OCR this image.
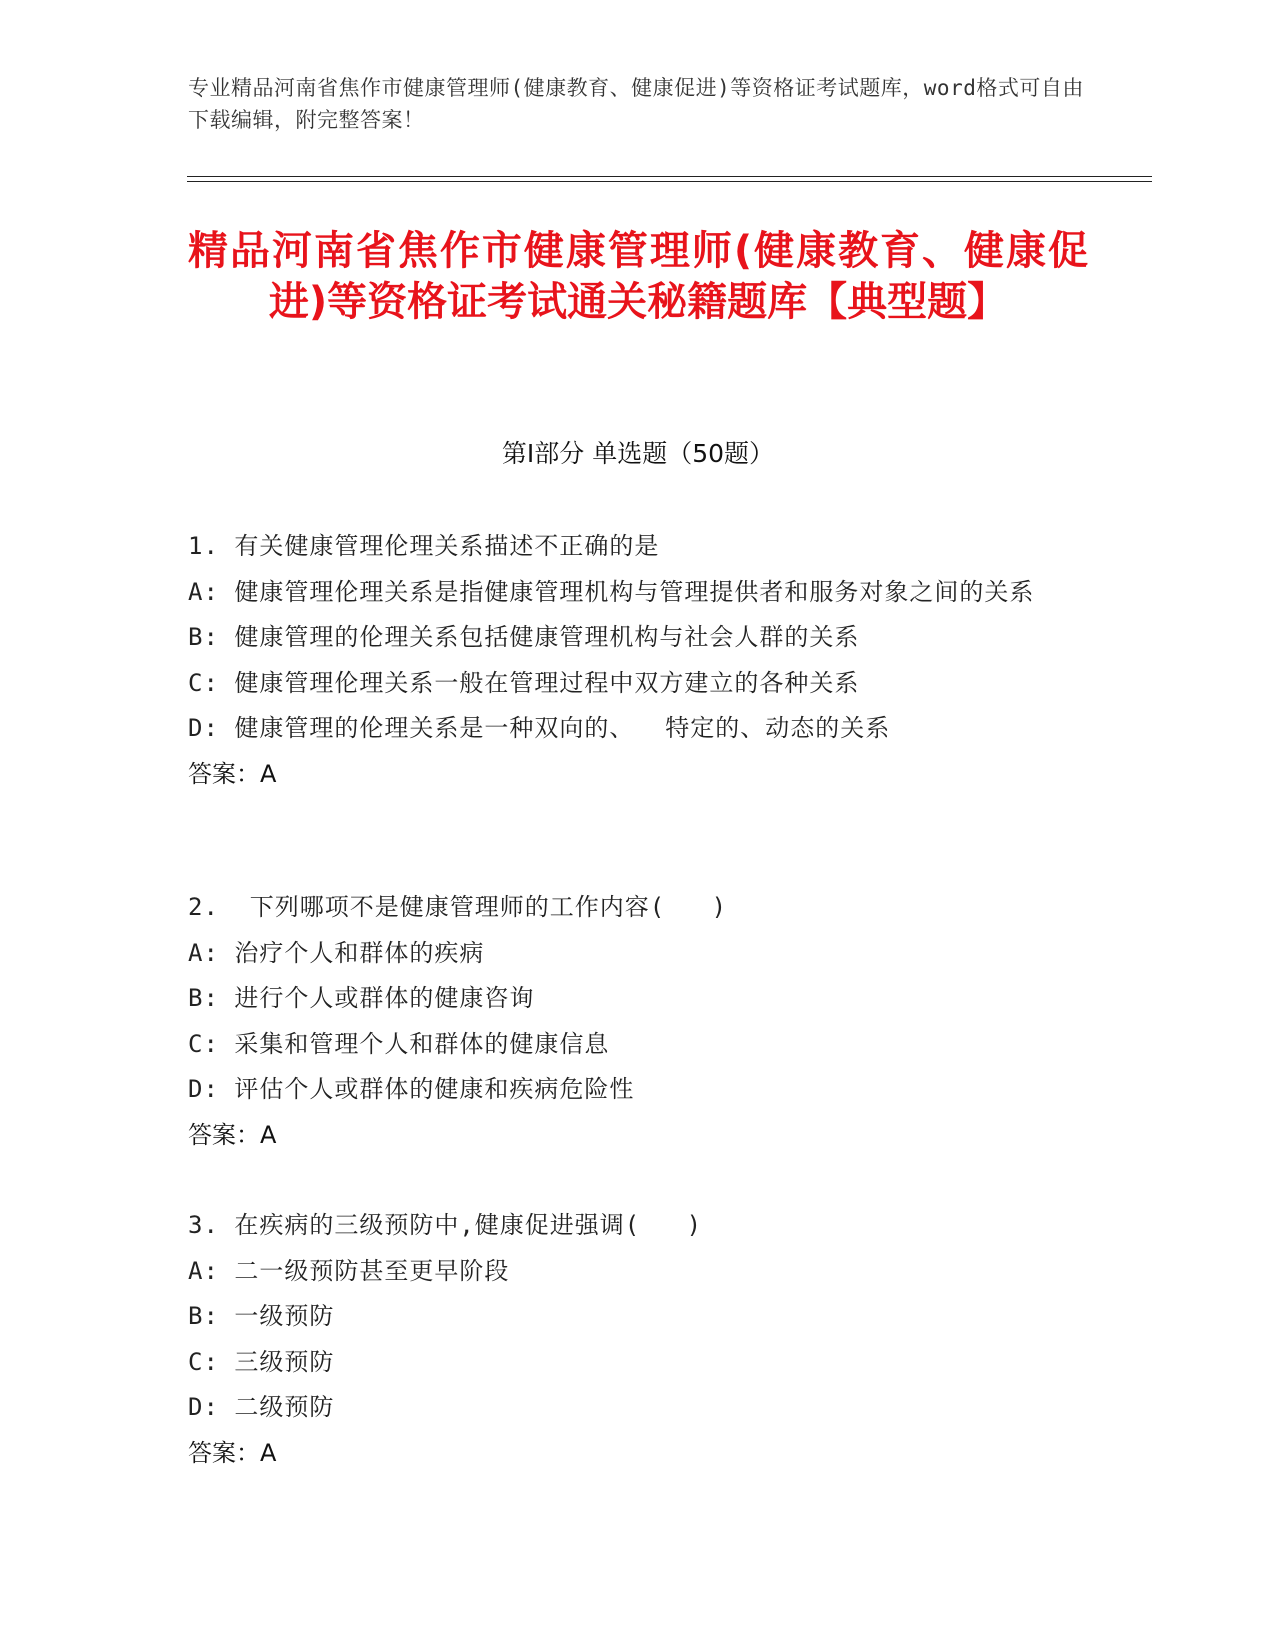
专业精品河南省焦作市健康管理师(健康教育、健康促进)等资格证考试题库，word格式可自由下载编辑，附完整答案！
精品河南省焦作市健康管理师(健康教育、健康促进)等资格证考试通关秘籍题库【典型题】
第Ⅰ部分 单选题（50题）
1. 有关健康管理伦理关系描述不正确的是
A: 健康管理伦理关系是指健康管理机构与管理提供者和服务对象之间的关系
B: 健康管理的伦理关系包括健康管理机构与社会人群的关系
C: 健康管理伦理关系一般在管理过程中双方建立的各种关系
D: 健康管理的伦理关系是一种双向的、  特定的、动态的关系
答案：A
2.  下列哪项不是健康管理师的工作内容(   )
A: 治疗个人和群体的疾病
B: 进行个人或群体的健康咨询
C: 采集和管理个人和群体的健康信息
D: 评估个人或群体的健康和疾病危险性
答案：A
3. 在疾病的三级预防中,健康促进强调(   )
A: 二一级预防甚至更早阶段
B: 一级预防
C: 三级预防
D: 二级预防
答案：A
